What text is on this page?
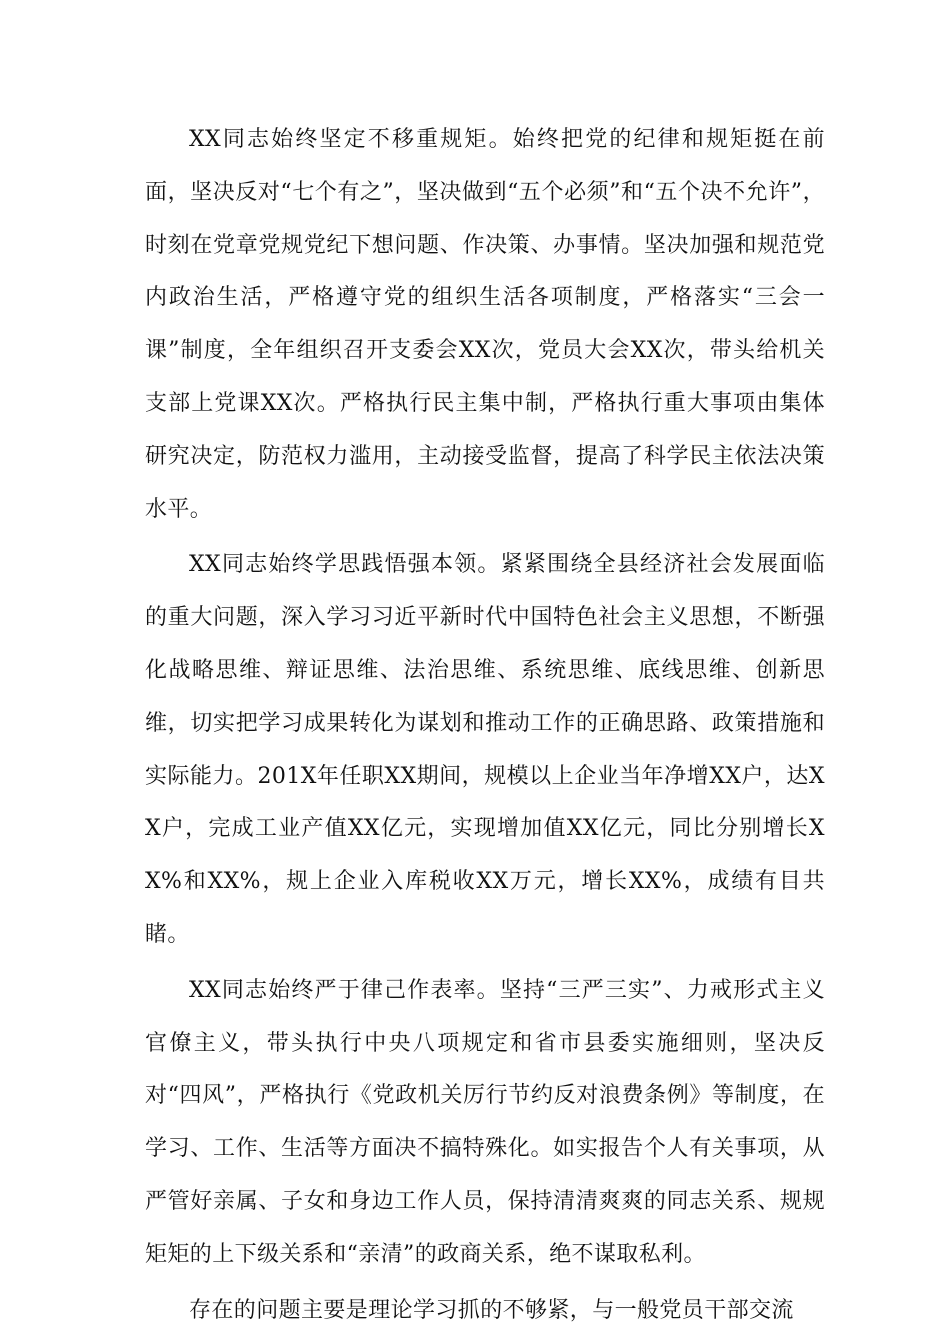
XX同志始终坚定不移重规矩。始终把党的纪律和规矩挺在前面，坚决反对“七个有之”，坚决做到“五个必须”和“五个决不允许”，时刻在党章党规党纪下想问题、作决策、办事情。坚决加强和规范党内政治生活，严格遵守党的组织生活各项制度，严格落实“三会一课”制度，全年组织召开支委会XX次，党员大会XX次，带头给机关支部上党课XX次。严格执行民主集中制，严格执行重大事项由集体研究决定，防范权力滥用，主动接受监督，提高了科学民主依法决策水平。

XX同志始终学思践悟强本领。紧紧围绕全县经济社会发展面临的重大问题，深入学习习近平新时代中国特色社会主义思想，不断强化战略思维、辩证思维、法治思维、系统思维、底线思维、创新思维，切实把学习成果转化为谋划和推动工作的正确思路、政策措施和实际能力。201X年任职XX期间，规模以上企业当年净增XX户，达XX户，完成工业产值XX亿元，实现增加值XX亿元，同比分别增长XX%和XX%，规上企业入库税收XX万元，增长XX%，成绩有目共睹。

XX同志始终严于律己作表率。坚持“三严三实”、力戒形式主义官僚主义，带头执行中央八项规定和省市县委实施细则，坚决反对“四风”，严格执行《党政机关厉行节约反对浪费条例》等制度，在学习、工作、生活等方面决不搞特殊化。如实报告个人有关事项，从严管好亲属、子女和身边工作人员，保持清清爽爽的同志关系、规规矩矩的上下级关系和“亲清”的政商关系，绝不谋取私利。

存在的问题主要是理论学习抓的不够紧，与一般党员干部交流
